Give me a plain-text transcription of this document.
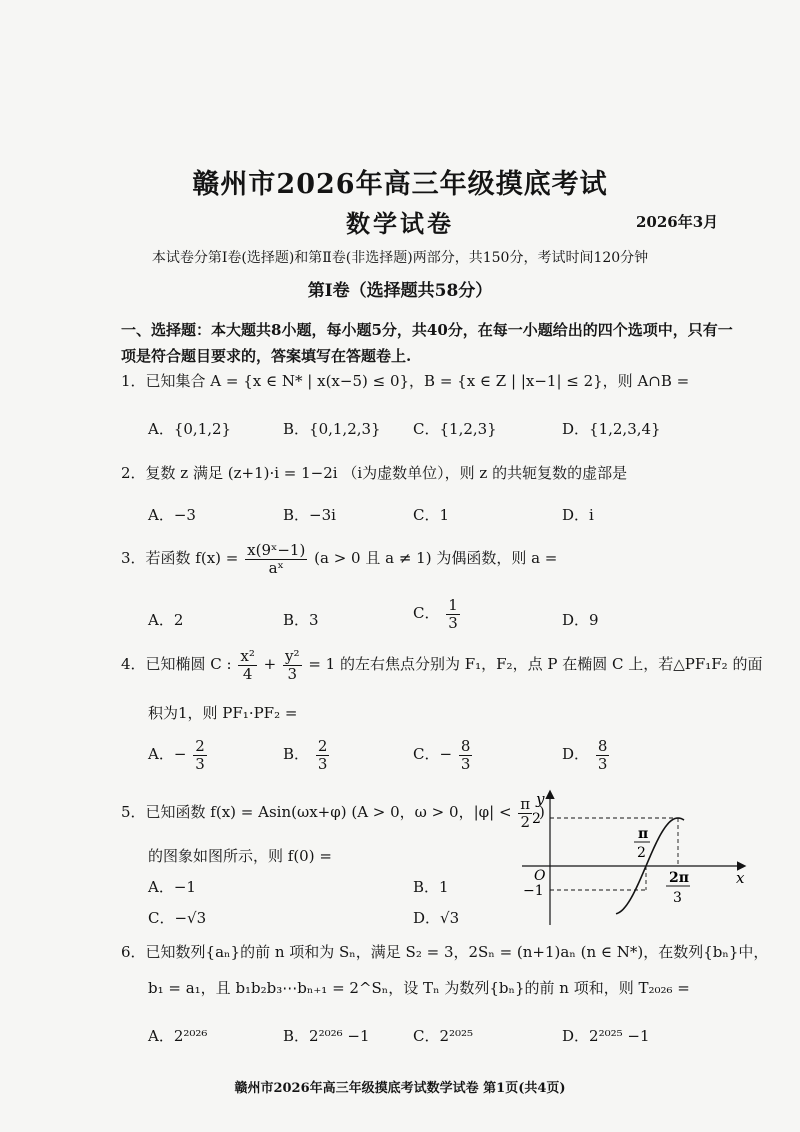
赣州市2026年高三年级摸底考试
数学试卷	2026年3月
本试卷分第Ⅰ卷(选择题)和第Ⅱ卷(非选择题)两部分，共150分，考试时间120分钟
第Ⅰ卷（选择题共58分）
一、选择题：本大题共8小题，每小题5分，共40分，在每一小题给出的四个选项中，只有一
项是符合题目要求的，答案填写在答题卷上.
1．已知集合 A = {x ∈ N* | x(x−5) ≤ 0}，B = {x ∈ Z | |x−1| ≤ 2}，则 A∩B =
A．{0,1,2}	B．{0,1,2,3} C．{1,2,3}	D．{1,2,3,4}
2．复数 z 满足 (z+1)·i = 1−2i （i为虚数单位），则 z 的共轭复数的虚部是
A．−3	B．−3i	C．1	D．i
3．若函数 $f(x) = \frac{\text{x(9ˣ−1)}}{\text{aˣ}} (a > 0$ 且 a ≠ 1) 为偶函数，则 a =
A．2	B．3	C． $\frac{1}{3}$	D．9
4．已知椭圆 C : $\frac{\text{x²}}{4} + \frac{\text{y²}}{3} = 1$ 的左右焦点分别为 F₁，F₂，点 P 在椭圆 C 上，若△PF₁F₂ 的面
积为1，则 PF₁·PF₂ =
A．− $\frac{2}{3}$	B． $\frac{2}{3}$	C．− $\frac{8}{3}$	D． $\frac{8}{3}$
5．已知函数 f(x) = Asin(ωx+φ) (A > 0，ω > 0，$|\varphi| < \frac{\pi}{2}$ )
的图象如图所示，则 f(0) =
A．−1	B．1
C．−√3	D．√3
y
x
O
2
−1
π
2
2π
3
6．已知数列{aₙ}的前 n 项和为 Sₙ，满足 S₂ = 3，2Sₙ = (n+1)aₙ (n ∈ N*)，在数列{bₙ}中，
b₁ = a₁，且 b₁b₂b₃⋯bₙ₊₁ = 2^Sₙ，设 Tₙ 为数列{bₙ}的前 n 项和，则 T₂₀₂₆ =
A．2²⁰²⁶	B．2²⁰²⁶ −1	C．2²⁰²⁵	D．2²⁰²⁵ −1
赣州市2026年高三年级摸底考试数学试卷 第1页(共4页)
